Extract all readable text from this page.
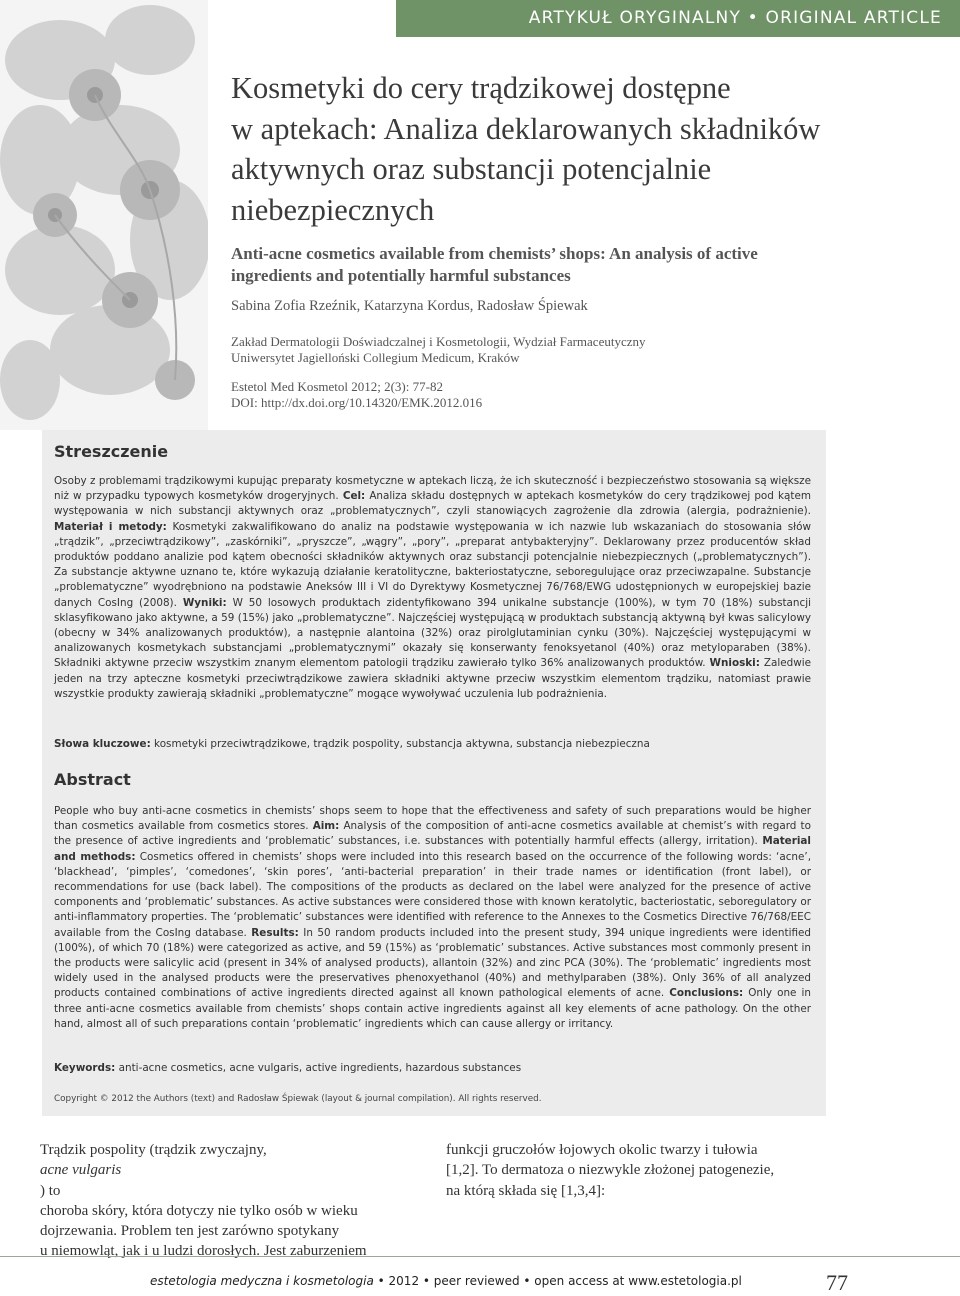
ARTYKUŁ ORYGINALNY • ORIGINAL ARTICLE
Kosmetyki do cery trądzikowej dostępne
w aptekach: Analiza deklarowanych składników
aktywnych oraz substancji potencjalnie
niebezpiecznych
Anti-acne cosmetics available from chemists’ shops: An analysis of active
ingredients and potentially harmful substances
Sabina Zofia Rzeźnik, Katarzyna Kordus, Radosław Śpiewak
Zakład Dermatologii Doświadczalnej i Kosmetologii, Wydział Farmaceutyczny
Uniwersytet Jagielloński Collegium Medicum, Kraków
Estetol Med Kosmetol 2012; 2(3): 77-82
DOI: http://dx.doi.org/10.14320/EMK.2012.016
Streszczenie

Osoby z problemami trądzikowymi kupując preparaty kosmetyczne w aptekach liczą, że ich skuteczność i bezpieczeństwo stosowania są większe niż w przypadku typowych kosmetyków drogeryjnych. Cel: Analiza składu dostępnych w aptekach kosmetyków do cery trądzikowej pod kątem występowania w nich substancji aktywnych oraz „problematycznych”, czyli stanowiących zagrożenie dla zdrowia (alergia, podrażnienie). Materiał i metody: Kosmetyki zakwalifikowano do analiz na podstawie występowania w ich nazwie lub wskazaniach do stosowania słów „trądzik”, „przeciwtrądzikowy”, „zaskórniki”, „pryszcze”, „wągry”, „pory”, „preparat antybakteryjny”. Deklarowany przez producentów skład produktów poddano analizie pod kątem obecności składników aktywnych oraz substancji potencjalnie niebezpiecznych („problematycznych”). Za substancje aktywne uznano te, które wykazują działanie keratolityczne, bakteriostatyczne, seboregulujące oraz przeciwzapalne. Substancje „problematyczne” wyodrębniono na podstawie Aneksów III i VI do Dyrektywy Kosmetycznej 76/768/EWG udostępnionych w europejskiej bazie danych CosIng (2008). Wyniki: W 50 losowych produktach zidentyfikowano 394 unikalne substancje (100%), w tym 70 (18%) substancji sklasyfikowano jako aktywne, a 59 (15%) jako „problematyczne”. Najczęściej występującą w produktach substancją aktywną był kwas salicylowy (obecny w 34% analizowanych produktów), a następnie alantoina (32%) oraz pirolglutaminian cynku (30%). Najczęściej występującymi w analizowanych kosmetykach substancjami „problematycznymi” okazały się konserwanty fenoksyetanol (40%) oraz metyloparaben (38%). Składniki aktywne przeciw wszystkim znanym elementom patologii trądziku zawierało tylko 36% analizowanych produktów. Wnioski: Zaledwie jeden na trzy apteczne kosmetyki przeciwtrądzikowe zawiera składniki aktywne przeciw wszystkim elementom trądziku, natomiast prawie wszystkie produkty zawierają składniki „problematyczne” mogące wywoływać uczulenia lub podrażnienia.

Słowa kluczowe: kosmetyki przeciwtrądzikowe, trądzik pospolity, substancja aktywna, substancja niebezpieczna
Abstract

People who buy anti-acne cosmetics in chemists’ shops seem to hope that the effectiveness and safety of such preparations would be higher than cosmetics available from cosmetics stores. Aim: Analysis of the composition of anti-acne cosmetics available at chemist’s with regard to the presence of active ingredients and ‘problematic’ substances, i.e. substances with potentially harmful effects (allergy, irritation). Material and methods: Cosmetics offered in chemists’ shops were included into this research based on the occurrence of the following words: ‘acne’, ‘blackhead’, ‘pimples’, ‘comedones’, ‘skin pores’, ‘anti-bacterial preparation’ in their trade names or identification (front label), or recommendations for use (back label). The compositions of the products as declared on the label were analyzed for the presence of active components and ‘problematic’ substances. As active substances were considered those with known keratolytic, bacteriostatic, seboregulatory or anti-inflammatory properties. The ‘problematic’ substances were identified with reference to the Annexes to the Cosmetics Directive 76/768/EEC available from the CosIng database. Results: In 50 random products included into the present study, 394 unique ingredients were identified (100%), of which 70 (18%) were categorized as active, and 59 (15%) as ‘problematic’ substances. Active substances most commonly present in the products were salicylic acid (present in 34% of analysed products), allantoin (32%) and zinc PCA (30%). The ‘problematic’ ingredients most widely used in the analysed products were the preservatives phenoxyethanol (40%) and methylparaben (38%). Only 36% of all analyzed products contained combinations of active ingredients directed against all known pathological elements of acne. Conclusions: Only one in three anti-acne cosmetics available from chemists’ shops contain active ingredients against all key elements of acne pathology. On the other hand, almost all of such preparations contain ‘problematic’ ingredients which can cause allergy or irritancy.

Keywords: anti-acne cosmetics, acne vulgaris, active ingredients, hazardous substances
Copyright © 2012 the Authors (text) and Radosław Śpiewak (layout & journal compilation). All rights reserved.
Trądzik pospolity (trądzik zwyczajny,
acne vulgaris
) to
choroba skóry, która dotyczy nie tylko osób w wieku
dojrzewania. Problem ten jest zarówno spotykany
u niemowląt, jak i u ludzi dorosłych. Jest zaburzeniem
funkcji gruczołów łojowych okolic twarzy i tułowia
[1,2]. To dermatoza o niezwykle złożonej patogenezie,
na którą składa się [1,3,4]:
estetologia medyczna i kosmetologia • 2012 • peer reviewed • open access at www.estetologia.pl	77
